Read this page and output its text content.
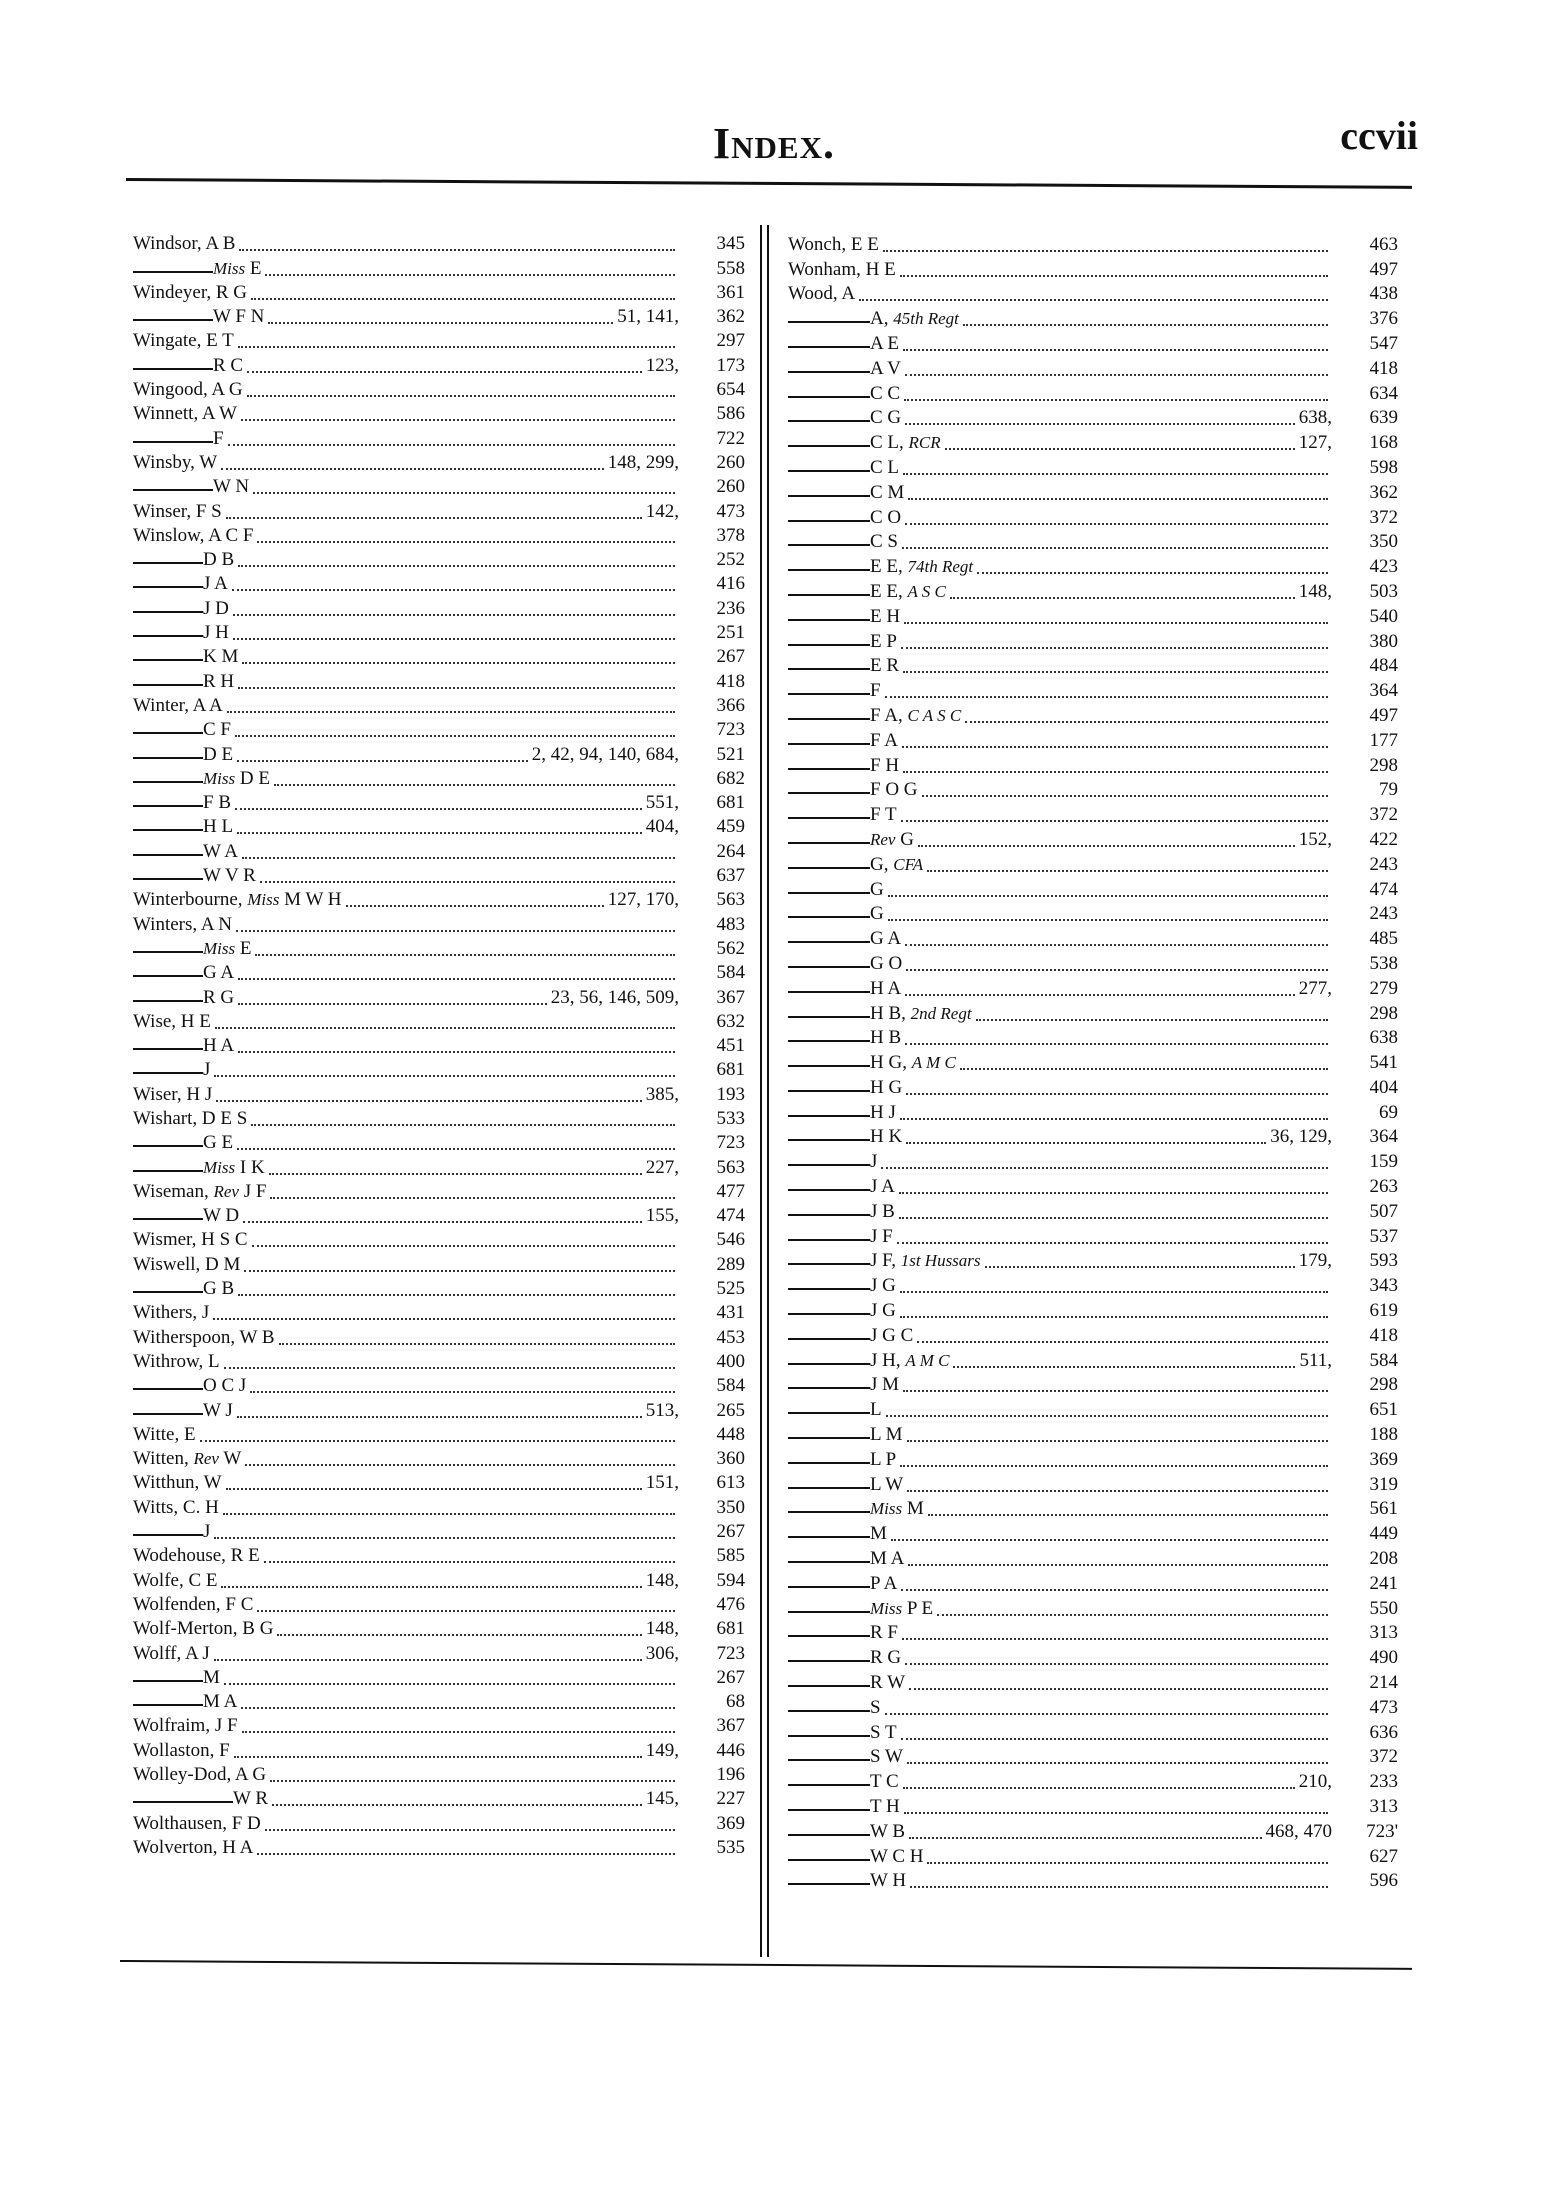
Index.	ccvii
Windsor, A B	345
Miss E	558
Windeyer, R G	361
W F N	51, 141,	362
Wingate, E T	297
R C	123,	173
Wingood, A G	654
Winnett, A W	586
F	722
Winsby, W	148, 299,	260
W N	260
Winser, F S	142,	473
Winslow, A C F	378
D B	252
J A	416
J D	236
J H	251
K M	267
R H	418
Winter, A A	366
C F	723
D E	2, 42, 94, 140, 684,	521
Miss D E	682
F B	551,	681
H L	404,	459
W A	264
W V R	637
Winterbourne, Miss M W H	127, 170,	563
Winters, A N	483
Miss E	562
G A	584
R G	23, 56, 146, 509,	367
Wise, H E	632
H A	451
J	681
Wiser, H J	385,	193
Wishart, D E S	533
G E	723
Miss I K	227,	563
Wiseman, Rev J F	477
W D	155,	474
Wismer, H S C	546
Wiswell, D M	289
G B	525
Withers, J	431
Witherspoon, W B	453
Withrow, L	400
O C J	584
W J	513,	265
Witte, E	448
Witten, Rev W	360
Witthun, W	151,	613
Witts, C. H	350
J	267
Wodehouse, R E	585
Wolfe, C E	148,	594
Wolfenden, F C	476
Wolf-Merton, B G	148,	681
Wolff, A J	306,	723
M	267
M A	68
Wolfraim, J F	367
Wollaston, F	149,	446
Wolley-Dod, A G	196
W R	145,	227
Wolthausen, F D	369
Wolverton, H A	535
Wonch, E E	463
Wonham, H E	497
Wood, A	438
A, 45th Regt	376
A E	547
A V	418
C C	634
C G	638,	639
C L, RCR	127,	168
C L	598
C M	362
C O	372
C S	350
E E, 74th Regt	423
E E, A S C	148,	503
E H	540
E P	380
E R	484
F	364
F A, C A S C	497
F A	177
F H	298
F O G	79
F T	372
Rev G	152,	422
G, CFA	243
G	474
G	243
G A	485
G O	538
H A	277,	279
H B, 2nd Regt	298
H B	638
H G, A M C	541
H G	404
H J	69
H K	36, 129,	364
J	159
J A	263
J B	507
J F	537
J F, 1st Hussars	179,	593
J G	343
J G	619
J G C	418
J H, A M C	511,	584
J M	298
L	651
L M	188
L P	369
L W	319
Miss M	561
M	449
M A	208
P A	241
Miss P E	550
R F	313
R G	490
R W	214
S	473
S T	636
S W	372
T C	210,	233
T H	313
W B	468, 470	723'
W C H	627
W H	596
